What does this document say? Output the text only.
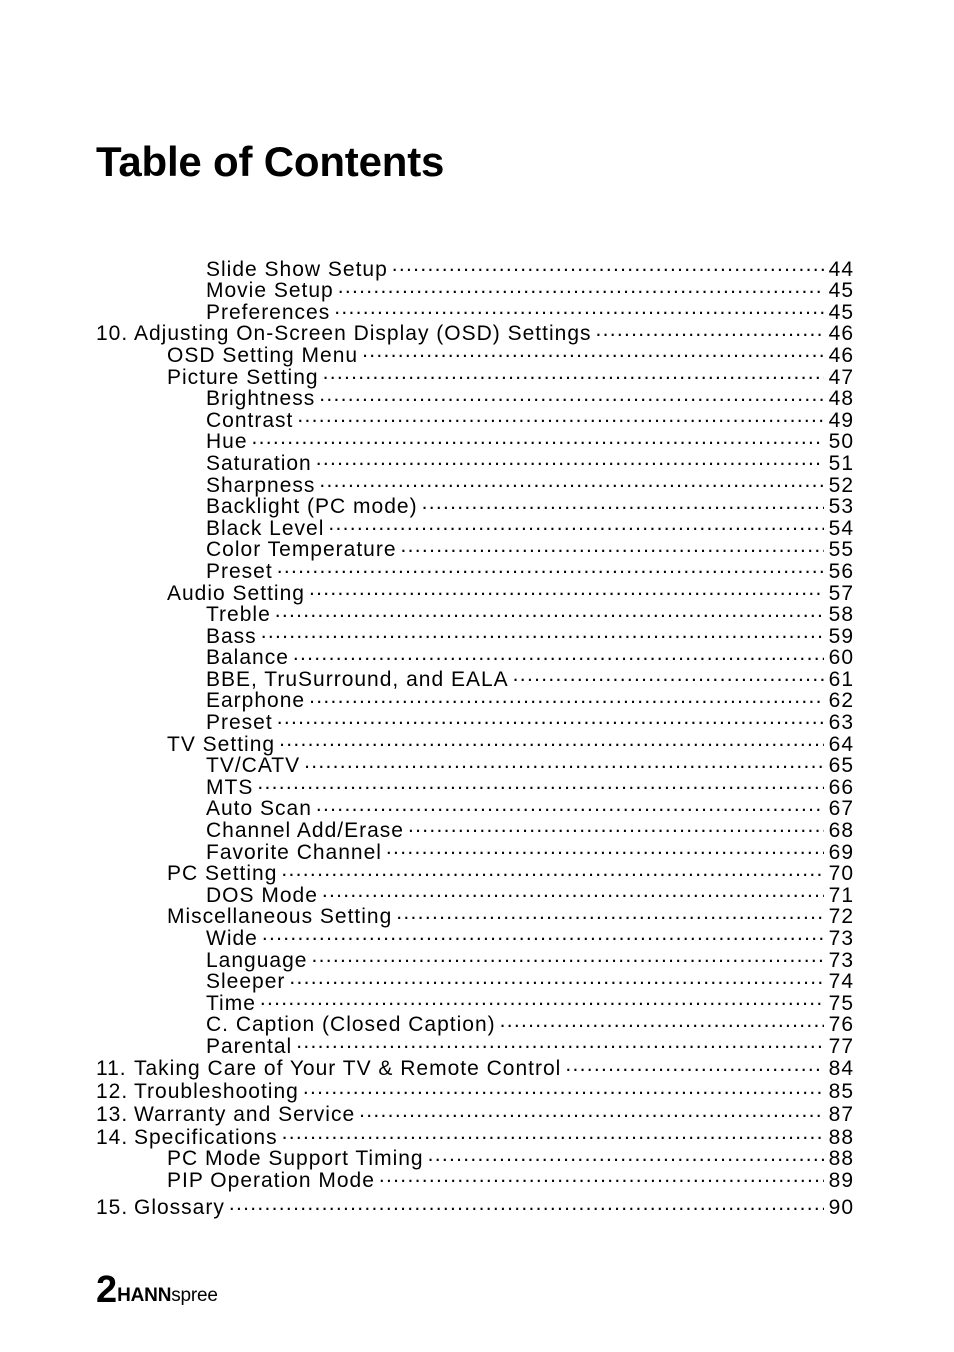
Table of Contents
Slide Show Setup .....	44
Movie Setup .....	45
Preferences .....	45
10. Adjusting On-Screen Display (OSD) Settings .....	46
OSD Setting Menu .....	46
Picture Setting .....	47
Brightness .....	48
Contrast .....	49
Hue .....	50
Saturation .....	51
Sharpness .....	52
Backlight (PC mode) .....	53
Black Level .....	54
Color Temperature .....	55
Preset .....	56
Audio Setting .....	57
Treble .....	58
Bass .....	59
Balance .....	60
BBE, TruSurround, and EALA .....	61
Earphone .....	62
Preset .....	63
TV Setting .....	64
TV/CATV .....	65
MTS .....	66
Auto Scan .....	67
Channel Add/Erase .....	68
Favorite Channel .....	69
PC Setting .....	70
DOS Mode .....	71
Miscellaneous Setting .....	72
Wide .....	73
Language .....	73
Sleeper .....	74
Time .....	75
C. Caption (Closed Caption) .....	76
Parental .....	77
11. Taking Care of Your TV & Remote Control .....	84
12. Troubleshooting .....	85
13. Warranty and Service .....	87
14. Specifications .....	88
PC Mode Support Timing .....	88
PIP Operation Mode .....	89
15. Glossary .....	90
2 HANNspree
